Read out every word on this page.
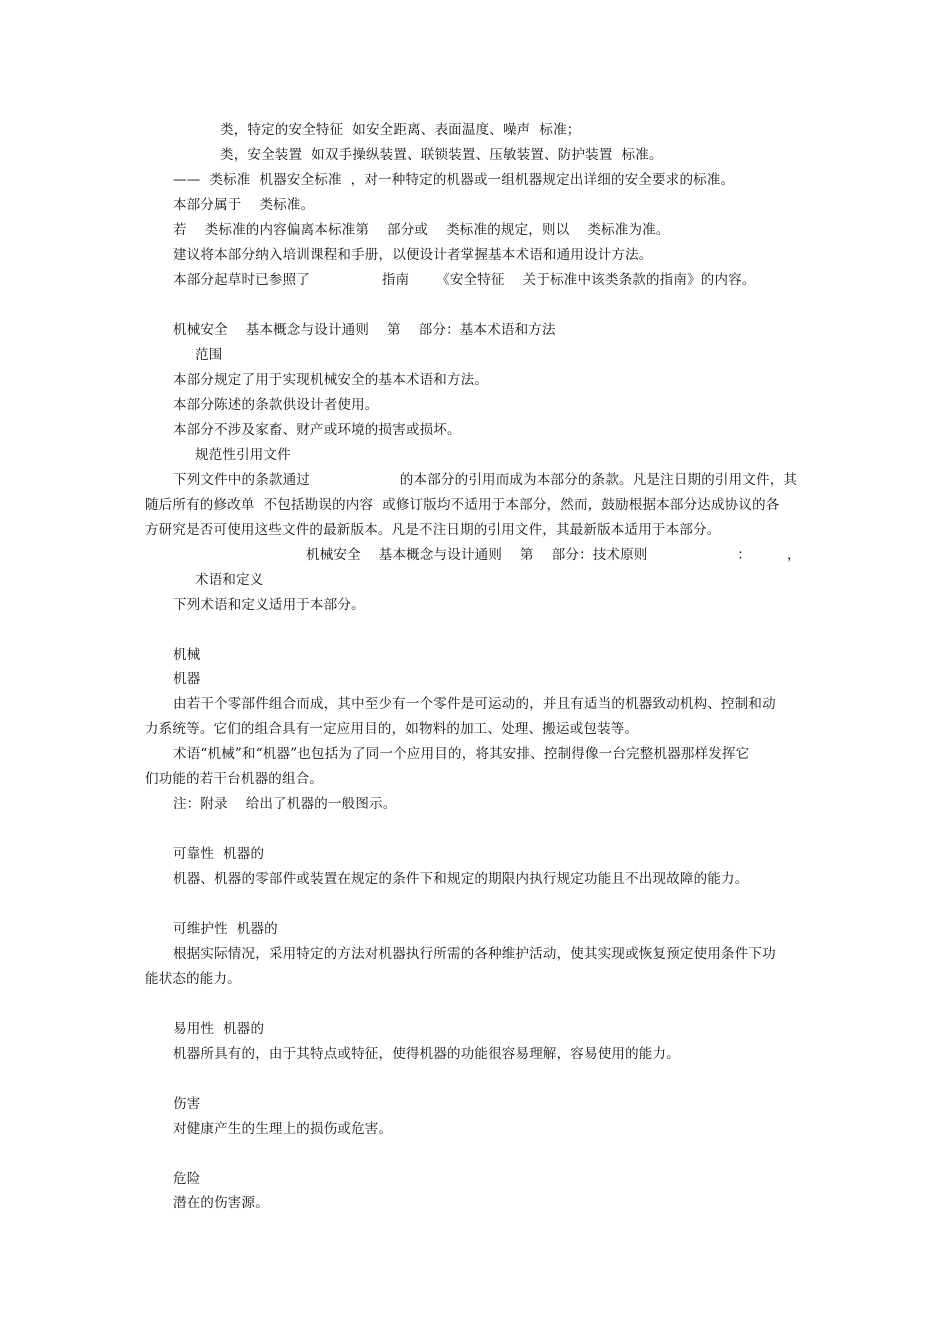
类，特定的安全特征  如安全距离、表面温度、噪声  标准；
类，安全装置  如双手操纵装置、联锁装置、压敏装置、防护装置  标准。
——  类标准  机器安全标准  ，对一种特定的机器或一组机器规定出详细的安全要求的标准。
本部分属于    类标准。
若    类标准的内容偏离本标准第    部分或    类标准的规定，则以    类标准为准。
建议将本部分纳入培训课程和手册，以便设计者掌握基本术语和通用设计方法。
本部分起草时已参照了                指南      《安全特征    关于标准中该类条款的指南》的内容。
机械安全    基本概念与设计通则    第    部分：基本术语和方法
范围
本部分规定了用于实现机械安全的基本术语和方法。
本部分陈述的条款供设计者使用。
本部分不涉及家畜、财产或环境的损害或损坏。
规范性引用文件
下列文件中的条款通过                    的本部分的引用而成为本部分的条款。凡是注日期的引用文件，其
随后所有的修改单  不包括勘误的内容  或修订版均不适用于本部分，然而，鼓励根据本部分达成协议的各
方研究是否可使用这些文件的最新版本。凡是不注日期的引用文件，其最新版本适用于本部分。
机械安全    基本概念与设计通则    第    部分：技术原则                    ：        ，
术语和定义
下列术语和定义适用于本部分。
机械
机器
由若干个零部件组合而成，其中至少有一个零件是可运动的，并且有适当的机器致动机构、控制和动
力系统等。它们的组合具有一定应用目的，如物料的加工、处理、搬运或包装等。
术语“机械”和“机器”也包括为了同一个应用目的，将其安排、控制得像一台完整机器那样发挥它
们功能的若干台机器的组合。
注：附录    给出了机器的一般图示。
可靠性  机器的
机器、机器的零部件或装置在规定的条件下和规定的期限内执行规定功能且不出现故障的能力。
可维护性  机器的
根据实际情况，采用特定的方法对机器执行所需的各种维护活动，使其实现或恢复预定使用条件下功
能状态的能力。
易用性  机器的
机器所具有的，由于其特点或特征，使得机器的功能很容易理解，容易使用的能力。
伤害
对健康产生的生理上的损伤或危害。
危险
潜在的伤害源。
